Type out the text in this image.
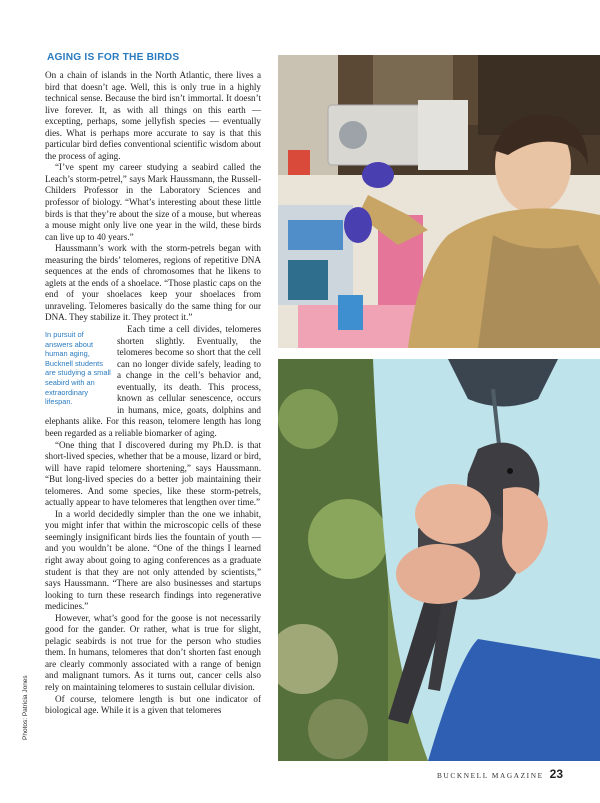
AGING IS FOR THE BIRDS

On a chain of islands in the North Atlantic, there lives a bird that doesn’t age. Well, this is only true in a highly technical sense. Because the bird isn’t immortal. It doesn’t live forever. It, as with all things on this earth — excepting, perhaps, some jellyfish species — eventually dies. What is perhaps more accurate to say is that this particular bird defies conventional scientific wisdom about the process of aging.

“I’ve spent my career studying a seabird called the Leach’s storm-petrel,” says Mark Haussmann, the Russell-Childers Professor in the Laboratory Sciences and professor of biology. “What’s interesting about these little birds is that they’re about the size of a mouse, but whereas a mouse might only live one year in the wild, these birds can live up to 40 years.”

Haussmann’s work with the storm-petrels began with measuring the birds’ telomeres, regions of repetitive DNA sequences at the ends of chromosomes that he likens to aglets at the ends of a shoelace. “Those plastic caps on the end of your shoelaces keep your shoelaces from unraveling. Telomeres basically do the same thing for our DNA. They stabilize it. They protect it.”

In pursuit of answers about human aging, Bucknell students are studying a small seabird with an extraordinary lifespan.
Each time a cell divides, telomeres shorten slightly. Eventually, the telomeres become so short that the cell can no longer divide safely, leading to a change in the cell’s behavior and, eventually, its death. This process, known as cellular senescence, occurs in humans, mice, goats, dolphins and elephants alike. For this reason, telomere length has long been regarded as a reliable biomarker of aging.

“One thing that I discovered during my Ph.D. is that short-lived species, whether that be a mouse, lizard or bird, will have rapid telomere shortening,” says Haussmann. “But long-lived species do a better job maintaining their telomeres. And some species, like these storm-petrels, actually appear to have telomeres that lengthen over time.”

In a world decidedly simpler than the one we inhabit, you might infer that within the microscopic cells of these seemingly insignificant birds lies the fountain of youth — and you wouldn’t be alone. “One of the things I learned right away about going to aging conferences as a graduate student is that they are not only attended by scientists,” says Haussmann. “There are also businesses and startups looking to turn these research findings into regenerative medicines.”

However, what’s good for the goose is not necessarily good for the gander. Or rather, what is true for slight, pelagic seabirds is not true for the person who studies them. In humans, telomeres that don’t shorten fast enough are clearly commonly associated with a range of benign and malignant tumors. As it turns out, cancer cells also rely on maintaining telomeres to sustain cellular division.

Of course, telomere length is but one indicator of biological age. While it is a given that telomeres

Photos: Patricia Jones
BUCKNELL MAGAZINE 23
